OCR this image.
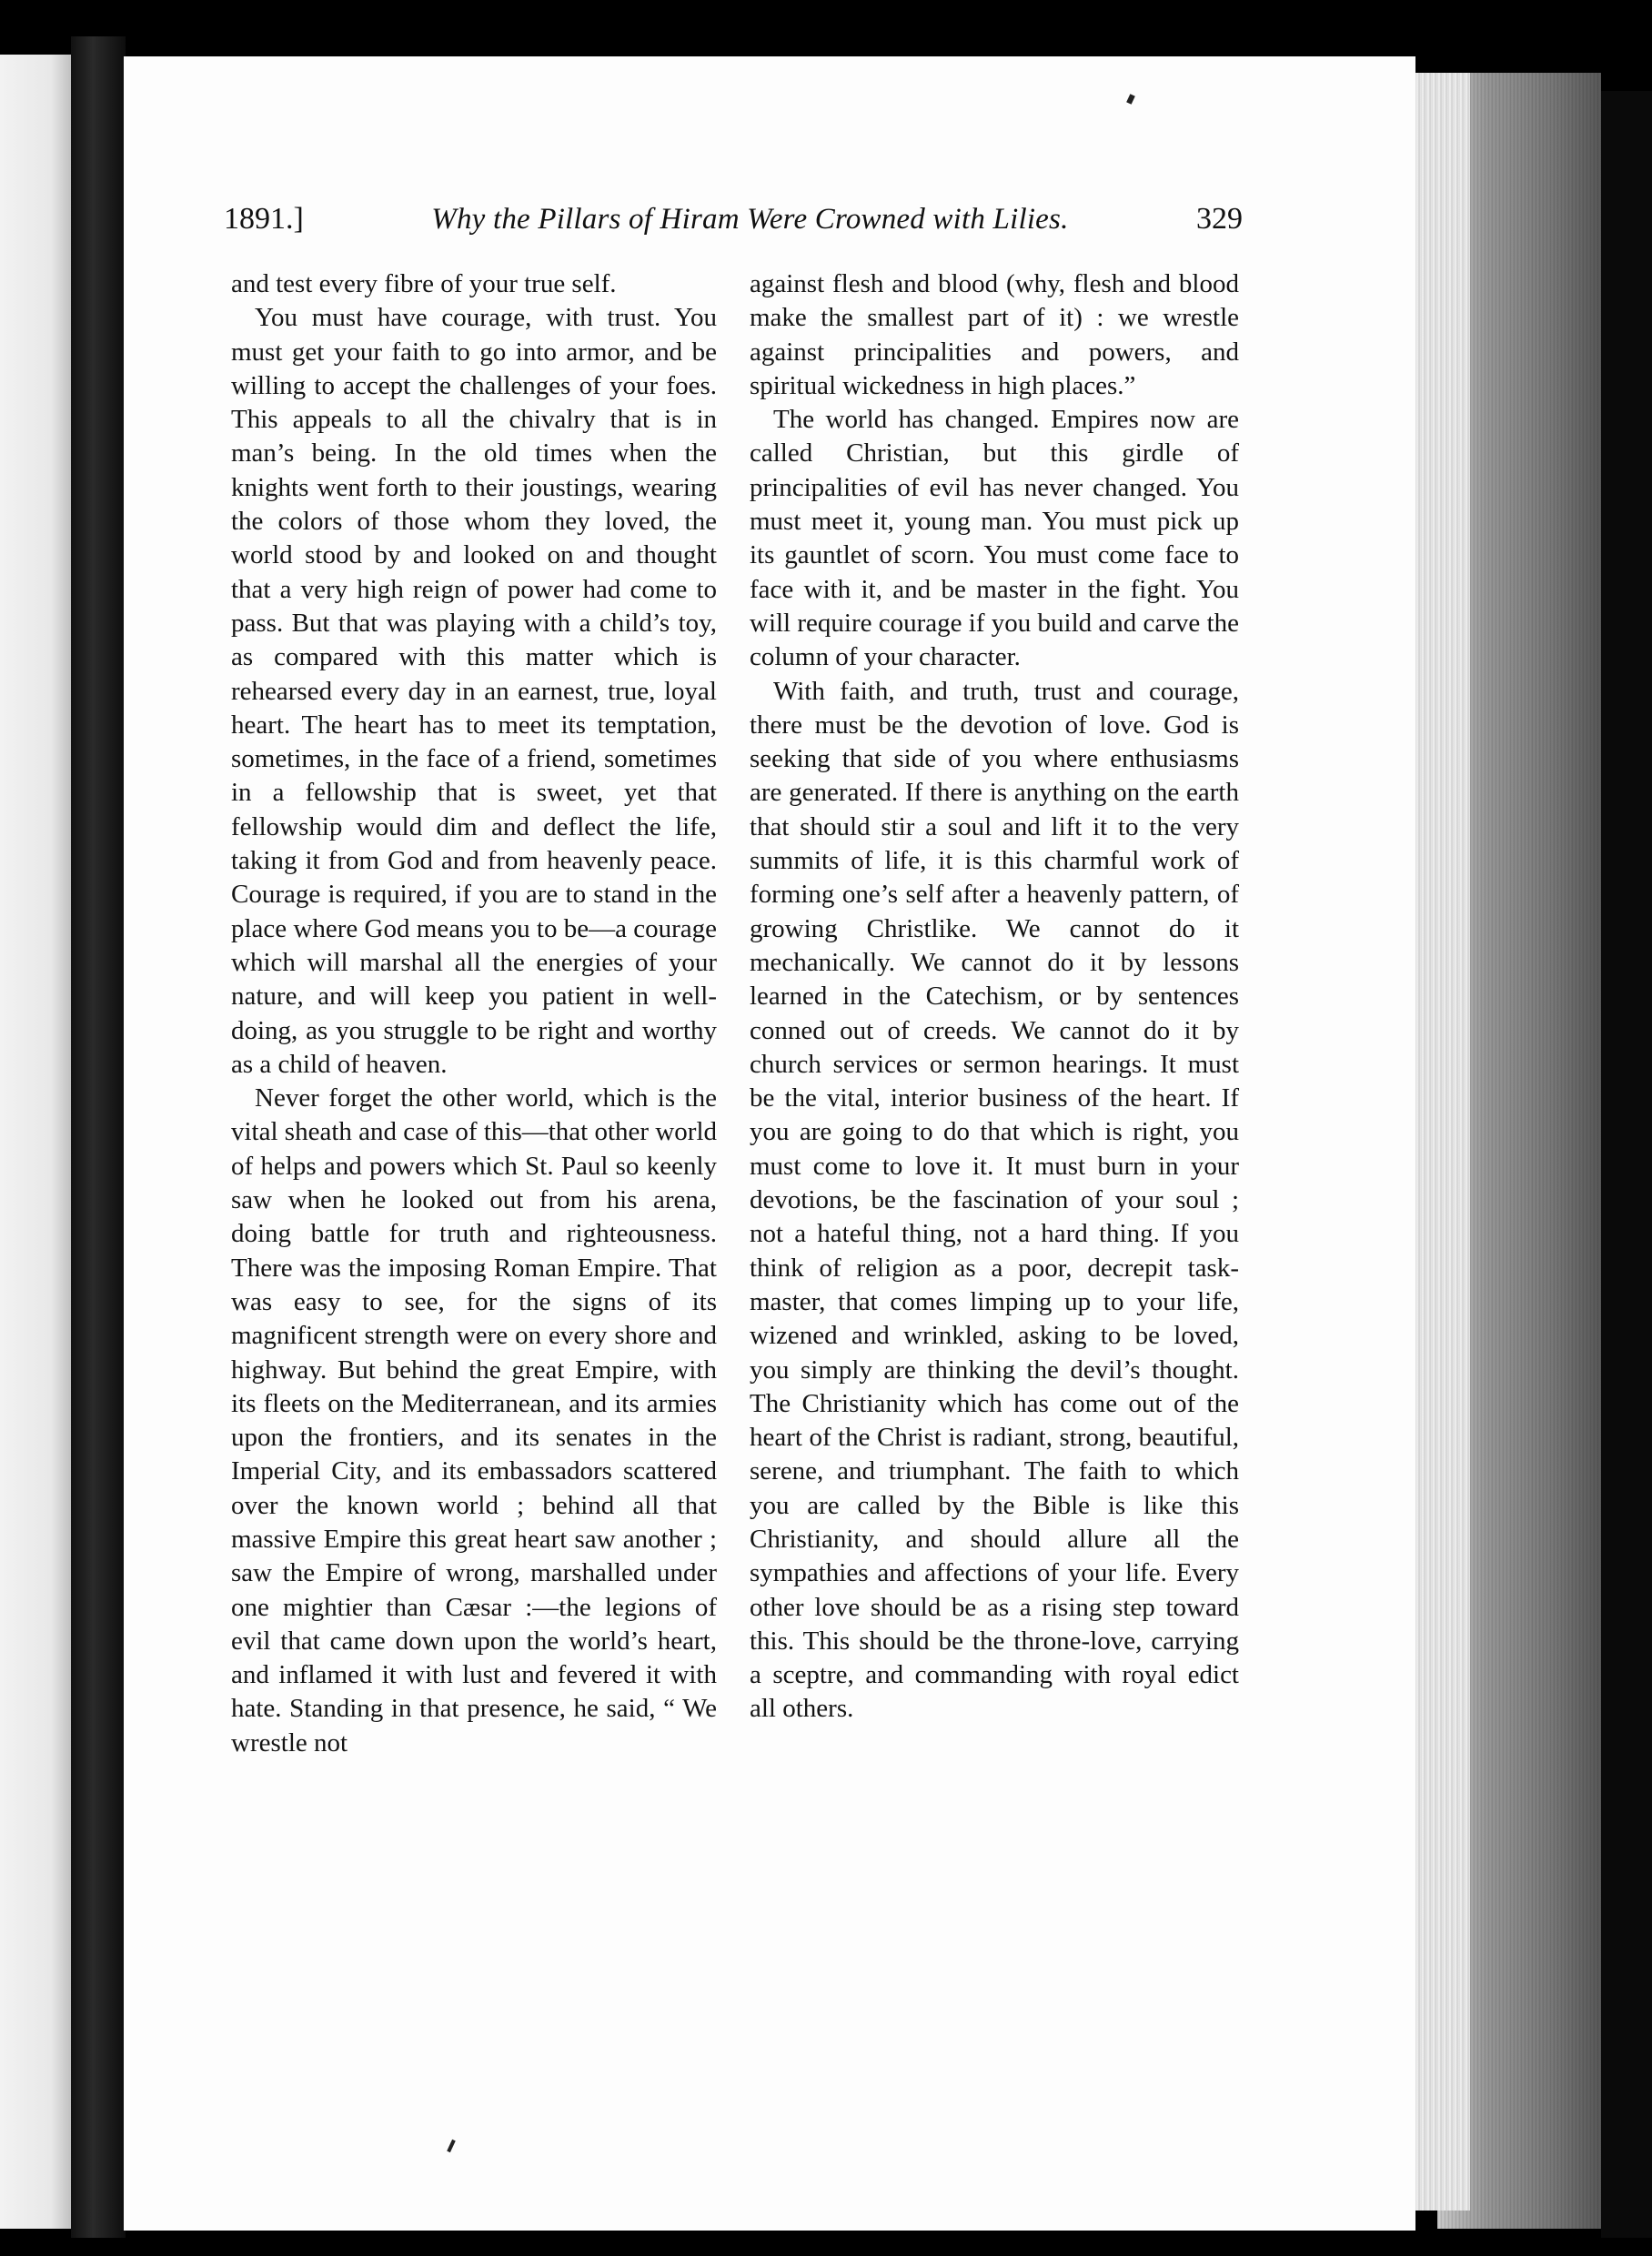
1891.]	Why the Pillars of Hiram Were Crowned with Lilies.	329

and test every fibre of your true self.

You must have courage, with trust. You must get your faith to go into armor, and be willing to accept the challenges of your foes. This appeals to all the chivalry that is in man’s being. In the old times when the knights went forth to their joustings, wearing the colors of those whom they loved, the world stood by and looked on and thought that a very high reign of power had come to pass. But that was playing with a child’s toy, as compared with this matter which is rehearsed every day in an earnest, true, loyal heart. The heart has to meet its temptation, sometimes, in the face of a friend, sometimes in a fellowship that is sweet, yet that fellowship would dim and deflect the life, taking it from God and from heavenly peace. Courage is required, if you are to stand in the place where God means you to be—a courage which will marshal all the energies of your nature, and will keep you patient in well-doing, as you struggle to be right and worthy as a child of heaven.

Never forget the other world, which is the vital sheath and case of this—that other world of helps and powers which St. Paul so keenly saw when he looked out from his arena, doing battle for truth and righteousness. There was the imposing Roman Empire. That was easy to see, for the signs of its magnificent strength were on every shore and highway. But behind the great Empire, with its fleets on the Mediterranean, and its armies upon the frontiers, and its senates in the Imperial City, and its embassadors scattered over the known world ; behind all that massive Empire this great heart saw another ; saw the Empire of wrong, marshalled under one mightier than Cæsar :—the legions of evil that came down upon the world’s heart, and inflamed it with lust and fevered it with hate. Standing in that presence, he said, “ We wrestle not

against flesh and blood (why, flesh and blood make the smallest part of it) : we wrestle against principalities and powers, and spiritual wickedness in high places.”

The world has changed. Empires now are called Christian, but this girdle of principalities of evil has never changed. You must meet it, young man. You must pick up its gauntlet of scorn. You must come face to face with it, and be master in the fight. You will require courage if you build and carve the column of your character.

With faith, and truth, trust and courage, there must be the devotion of love. God is seeking that side of you where enthusiasms are generated. If there is anything on the earth that should stir a soul and lift it to the very summits of life, it is this charmful work of forming one’s self after a heavenly pattern, of growing Christlike. We cannot do it mechanically. We cannot do it by lessons learned in the Catechism, or by sentences conned out of creeds. We cannot do it by church services or sermon hearings. It must be the vital, interior business of the heart. If you are going to do that which is right, you must come to love it. It must burn in your devotions, be the fascination of your soul ; not a hateful thing, not a hard thing. If you think of religion as a poor, decrepit task-master, that comes limping up to your life, wizened and wrinkled, asking to be loved, you simply are thinking the devil’s thought. The Christianity which has come out of the heart of the Christ is radiant, strong, beautiful, serene, and triumphant. The faith to which you are called by the Bible is like this Christianity, and should allure all the sympathies and affections of your life. Every other love should be as a rising step toward this. This should be the throne-love, carrying a sceptre, and commanding with royal edict all others.
